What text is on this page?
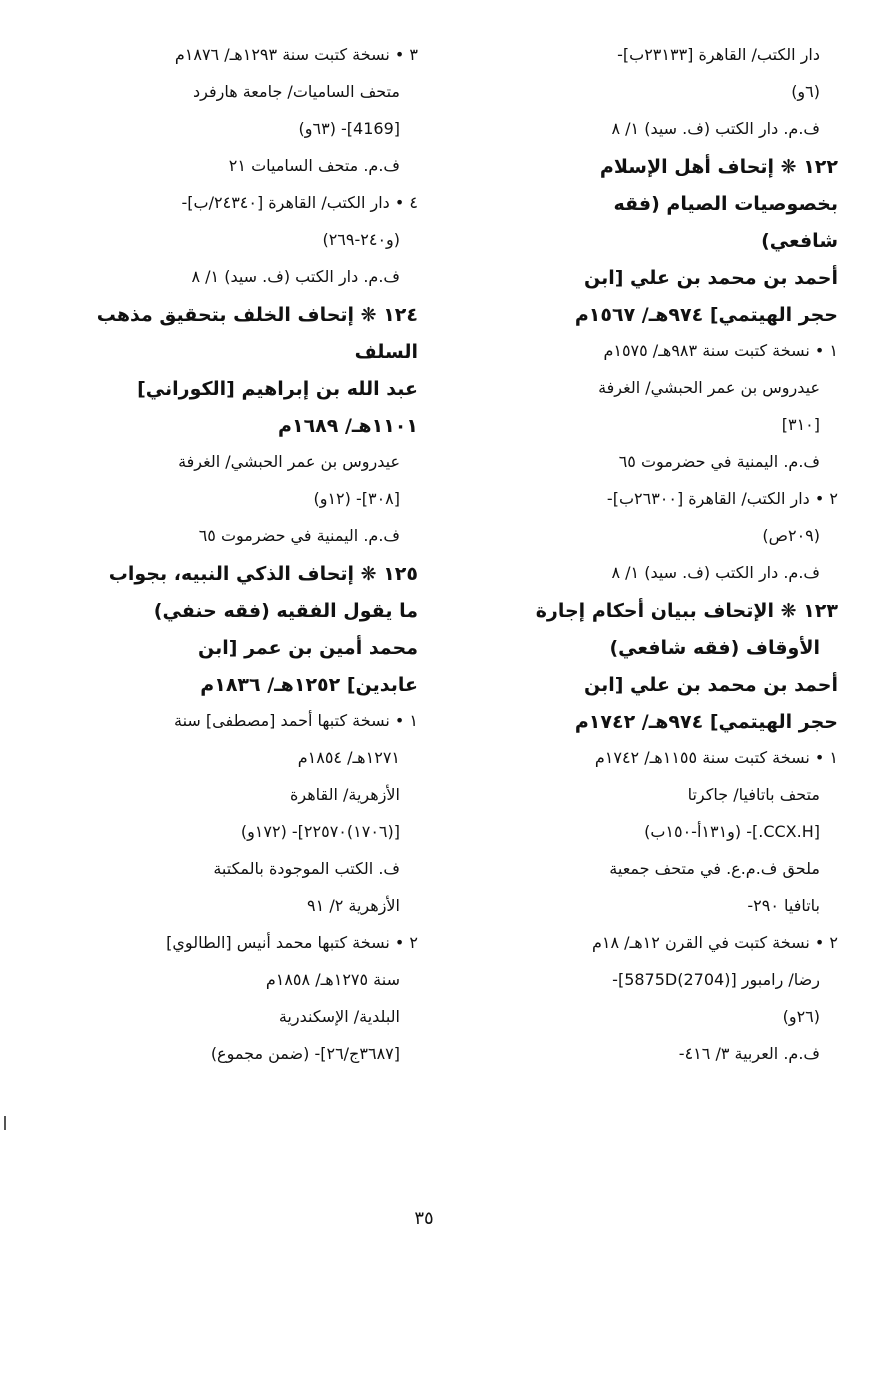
دار الكتب/ القاهرة [٢٣١٣٣ب]-
(٦و)
ف.م. دار الكتب (ف. سيد) ١/ ٨
١٢٢ ❋ إتحاف أهل الإسلام
بخصوصيات الصيام (فقه
شافعي)
أحمد بن محمد بن علي [ابن
حجر الهيتمي] ٩٧٤هـ/ ١٥٦٧م
١ • نسخة كتبت سنة ٩٨٣هـ/ ١٥٧٥م
عيدروس بن عمر الحبشي/ الغرفة
[٣١٠]
ف.م. اليمنية في حضرموت ٦٥
٢ • دار الكتب/ القاهرة [٢٦٣٠٠ب]-
(٢٠٩ص)
ف.م. دار الكتب (ف. سيد) ١/ ٨
١٢٣ ❋ الإتحاف ببيان أحكام إجارة
الأوقاف (فقه شافعي)
أحمد بن محمد بن علي [ابن
حجر الهيتمي] ٩٧٤هـ/ ١٧٤٢م
١ • نسخة كتبت سنة ١١٥٥هـ/ ١٧٤٢م
متحف باتافيا/ جاكرتا
[CCX.H.]- (و١٣١أ-١٥٠ب)
ملحق ف.م.ع. في متحف جمعية
باتافيا ٢٩٠-
٢ • نسخة كتبت في القرن ١٢هـ/ ١٨م
رضا/ رامبور [5875D(2704)]-
(٢٦و)
ف.م. العربية ٣/ ٤١٦-
٣ • نسخة كتبت سنة ١٢٩٣هـ/ ١٨٧٦م
متحف الساميات/ جامعة هارفرد
[4169]- (٦٣و)
ف.م. متحف الساميات ٢١
٤ • دار الكتب/ القاهرة [٢٤٣٤٠/ب]-
(و٢٤٠-٢٦٩)
ف.م. دار الكتب (ف. سيد) ١/ ٨
١٢٤ ❋ إتحاف الخلف بتحقيق مذهب
السلف
عبد الله بن إبراهيم [الكوراني]
١١٠١هـ/ ١٦٨٩م
عيدروس بن عمر الحبشي/ الغرفة
[٣٠٨]- (١٢و)
ف.م. اليمنية في حضرموت ٦٥
١٢٥ ❋ إتحاف الذكي النبيه، بجواب
ما يقول الفقيه (فقه حنفي)
محمد أمين بن عمر [ابن
عابدين] ١٢٥٢هـ/ ١٨٣٦م
١ • نسخة كتبها أحمد [مصطفى] سنة
١٢٧١هـ/ ١٨٥٤م
الأزهرية/ القاهرة
[(١٧٠٦)٢٢٥٧٠]- (١٧٢و)
ف. الكتب الموجودة بالمكتبة
الأزهرية ٢/ ٩١
٢ • نسخة كتبها محمد أنيس [الطالوي]
سنة ١٢٧٥هـ/ ١٨٥٨م
البلدية/ الإسكندرية
[٣٦٨٧ج/٢٦]- (ضمن مجموع)
٣٥
